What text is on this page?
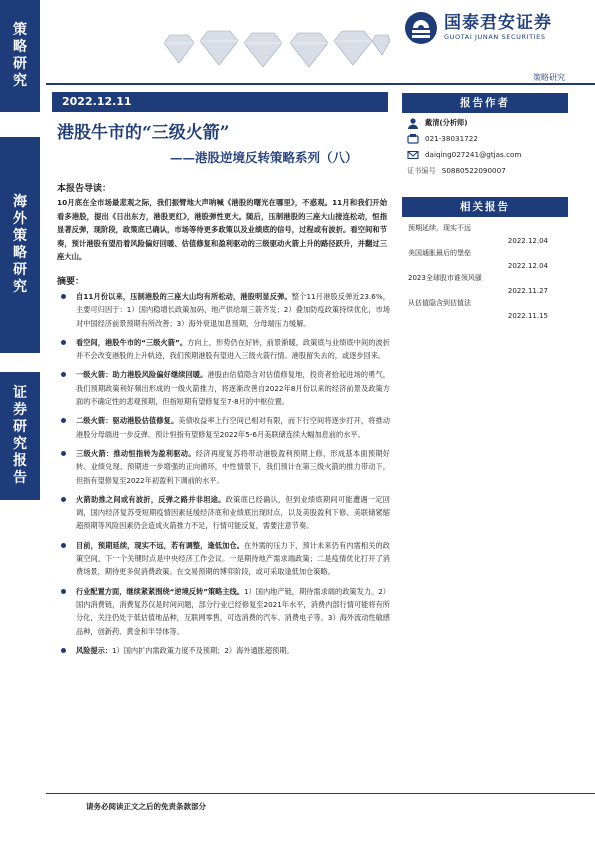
策
略
研
究
海
外
策
略
研
究
证
券
研
究
报
告
国泰君安证券
GUOTAI JUNAN SECURITIES
策略研究
2022.12.11
港股牛市的“三级火箭”
——港股逆境反转策略系列（八）
本报告导读：
10月底在全市场最悲观之际，我们振臂地大声呐喊《港股的曙光在哪里》，不惑观。11月和我们开始看多港股，提出《日出东方，港股更红》，港股弹性更大。随后，压制港股的三座大山接连松动，恒指显著反弹，现阶段，政策底已确认，市场等待更多政策以及业绩底的信号，过程或有波折。看空间和节奏，预计港股有望沿着风险偏好回暖、估值修复和盈利驱动的三级驱动火箭上升的路径跃升，并翻过三座大山。
摘要：
自11月份以来，压制港股的三座大山均有所松动，港股明显反弹。整个11月港股反弹近23.6%，主要可归因于：1）国内稳增长政策加码，地产供给端三箭齐发；2）叠加防疫政策持续优化，市场对中国经济前景预期有所改善；3）海外衰退加息预期，分母端压力缓解。
看空间，港股牛市的“三级火箭”。方向上，形势仍在好转，前景渐暖，政策底与业绩底中间的波折并不会改变港股的上升轨迹，我们预期港股有望进入三级火箭行情。港股留失去的，或逐步回来。
一级火箭：助力港股风险偏好继续回暖。港股由估值隐含对估值修复地，投资者拾起进场的勇气，我们预期政策利好频出形成的一级火箭推力，将逐渐改善自2022年8月份以来的经济前景及政策方面的不确定性的悲观预期，但指短期有望修复至7-8月的中枢位置。
二级火箭：驱动港股估值修复。美债收益率上行空间已相对有限，而下行空间将逐步打开，将推动港股分母端进一步反弹。预计恒指有望修复至2022年5-6月美联储连续大幅加息前的水平。
三级火箭：推动恒指转为盈利驱动。经济再度复苏将带动港股盈利预期上修，形成基本面预期好转、业绩兑现、预期进一步增强的正向循环，中性情景下，我们预计在第三级火箭的推力带动下，但指有望修复至2022年初盈利下调前的水平。
火箭助推之间或有波折，反弹之路并非坦途。政策底已经确认，但到业绩底期间可能遭遇一定回调，国内经济复苏受短期疫情因素延缓经济底和业绩底出现时点，以及美股盈利下修、美联储紧缩超预期等风险因素仍会造成火箭推力不足，行情可能反复，需要注意节奏。
目前，预期延续，现实不远，若有调整，逢低加仓。在外需的压力下，预计未来仍有内需相关的政策空间，下一个关键时点是中央经济工作会议。一是期待地产需求端政策；二是疫情优化打开了消费场景，期待更多促消费政策。在交易预期的博弈阶段，或可采取逢低加仓策略。
行业配置方面，继续紧紧围绕“逆境反转”策略主线。1）国内地产链，期待需求端的政策发力。2）国内消费链，消费复苏仅是时间问题，部分行业已经修复至2021年水平，消费内部行情可能将有所分化，关注仍处于低估值地品种，互联网零售，可选消费的汽车、消费电子等。3）海外流动性敏感品种，创新药、黄金和半导体等。
风险提示：1）国内扩内需政策力度不及预期；2）海外通胀超预期。
报告作者
戴清(分析师)
021-38031722
daiqing027241@gtjas.com
证书编号 S0880522090007
相关报告
预期延续，现实不远
2022.12.04
美国通胀最后的堡垒
2022.12.04
2023全球股市谁领风骚
2022.11.27
从估值隐含到估值法
2022.11.15
请务必阅读正文之后的免责条款部分
